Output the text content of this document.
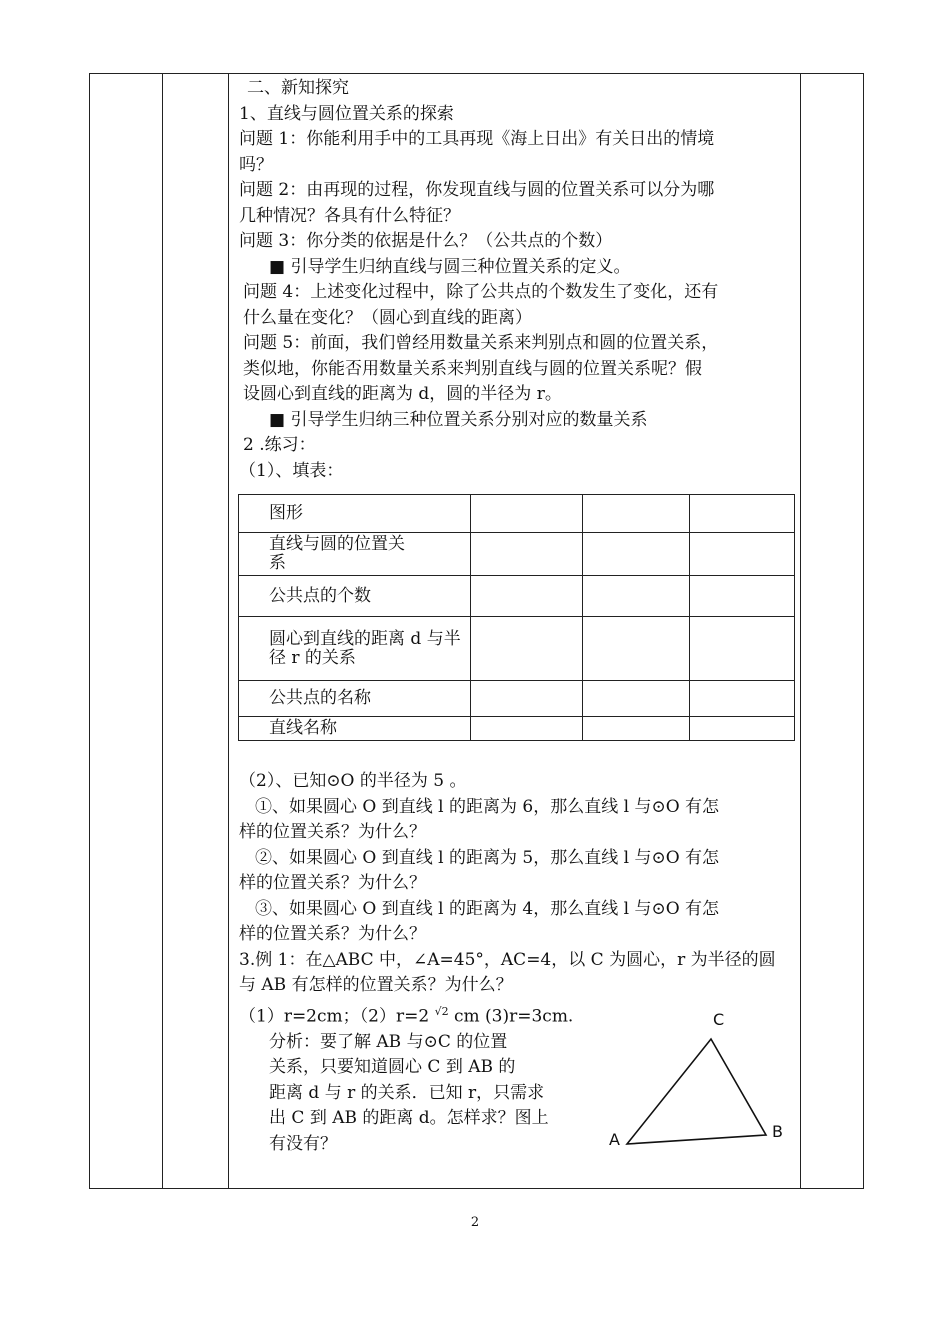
二、新知探究
1、直线与圆位置关系的探索
问题 1：你能利用手中的工具再现《海上日出》有关日出的情境
吗？
问题 2：由再现的过程，你发现直线与圆的位置关系可以分为哪
几种情况？各具有什么特征？
问题 3：你分类的依据是什么？（公共点的个数）
■ 引导学生归纳直线与圆三种位置关系的定义。
问题 4：上述变化过程中，除了公共点的个数发生了变化，还有
什么量在变化？（圆心到直线的距离）
问题 5：前面，我们曾经用数量关系来判别点和圆的位置关系，
类似地，你能否用数量关系来判别直线与圆的位置关系呢？假
设圆心到直线的距离为 d，圆的半径为 r。
■ 引导学生归纳三种位置关系分别对应的数量关系
2 .练习：
（1）、填表：
图形			
直线与圆的位置关系			
公共点的个数			
圆心到直线的距离 d 与半径 r 的关系			
公共点的名称			
直线名称			
（2）、已知⊙O 的半径为 5 。
①、如果圆心 O 到直线 l 的距离为 6，那么直线 l 与⊙O 有怎
样的位置关系？为什么？
②、如果圆心 O 到直线 l 的距离为 5，那么直线 l 与⊙O 有怎
样的位置关系？为什么？
③、如果圆心 O 到直线 l 的距离为 4，那么直线 l 与⊙O 有怎
样的位置关系？为什么？
3.例 1：在△ABC 中，∠A=45°，AC=4，以 C 为圆心，r 为半径的圆
与 AB 有怎样的位置关系？为什么？
（1）r=2cm；（2）r=2 $^{√2}$ cm (3)r=3cm.
分析：要了解 AB 与⊙C 的位置
关系，只要知道圆心 C 到 AB 的
距离 d 与 r 的关系．已知 r，只需求
出 C 到 AB 的距离 d。怎样求？图上
有没有？
C
A	B
2
